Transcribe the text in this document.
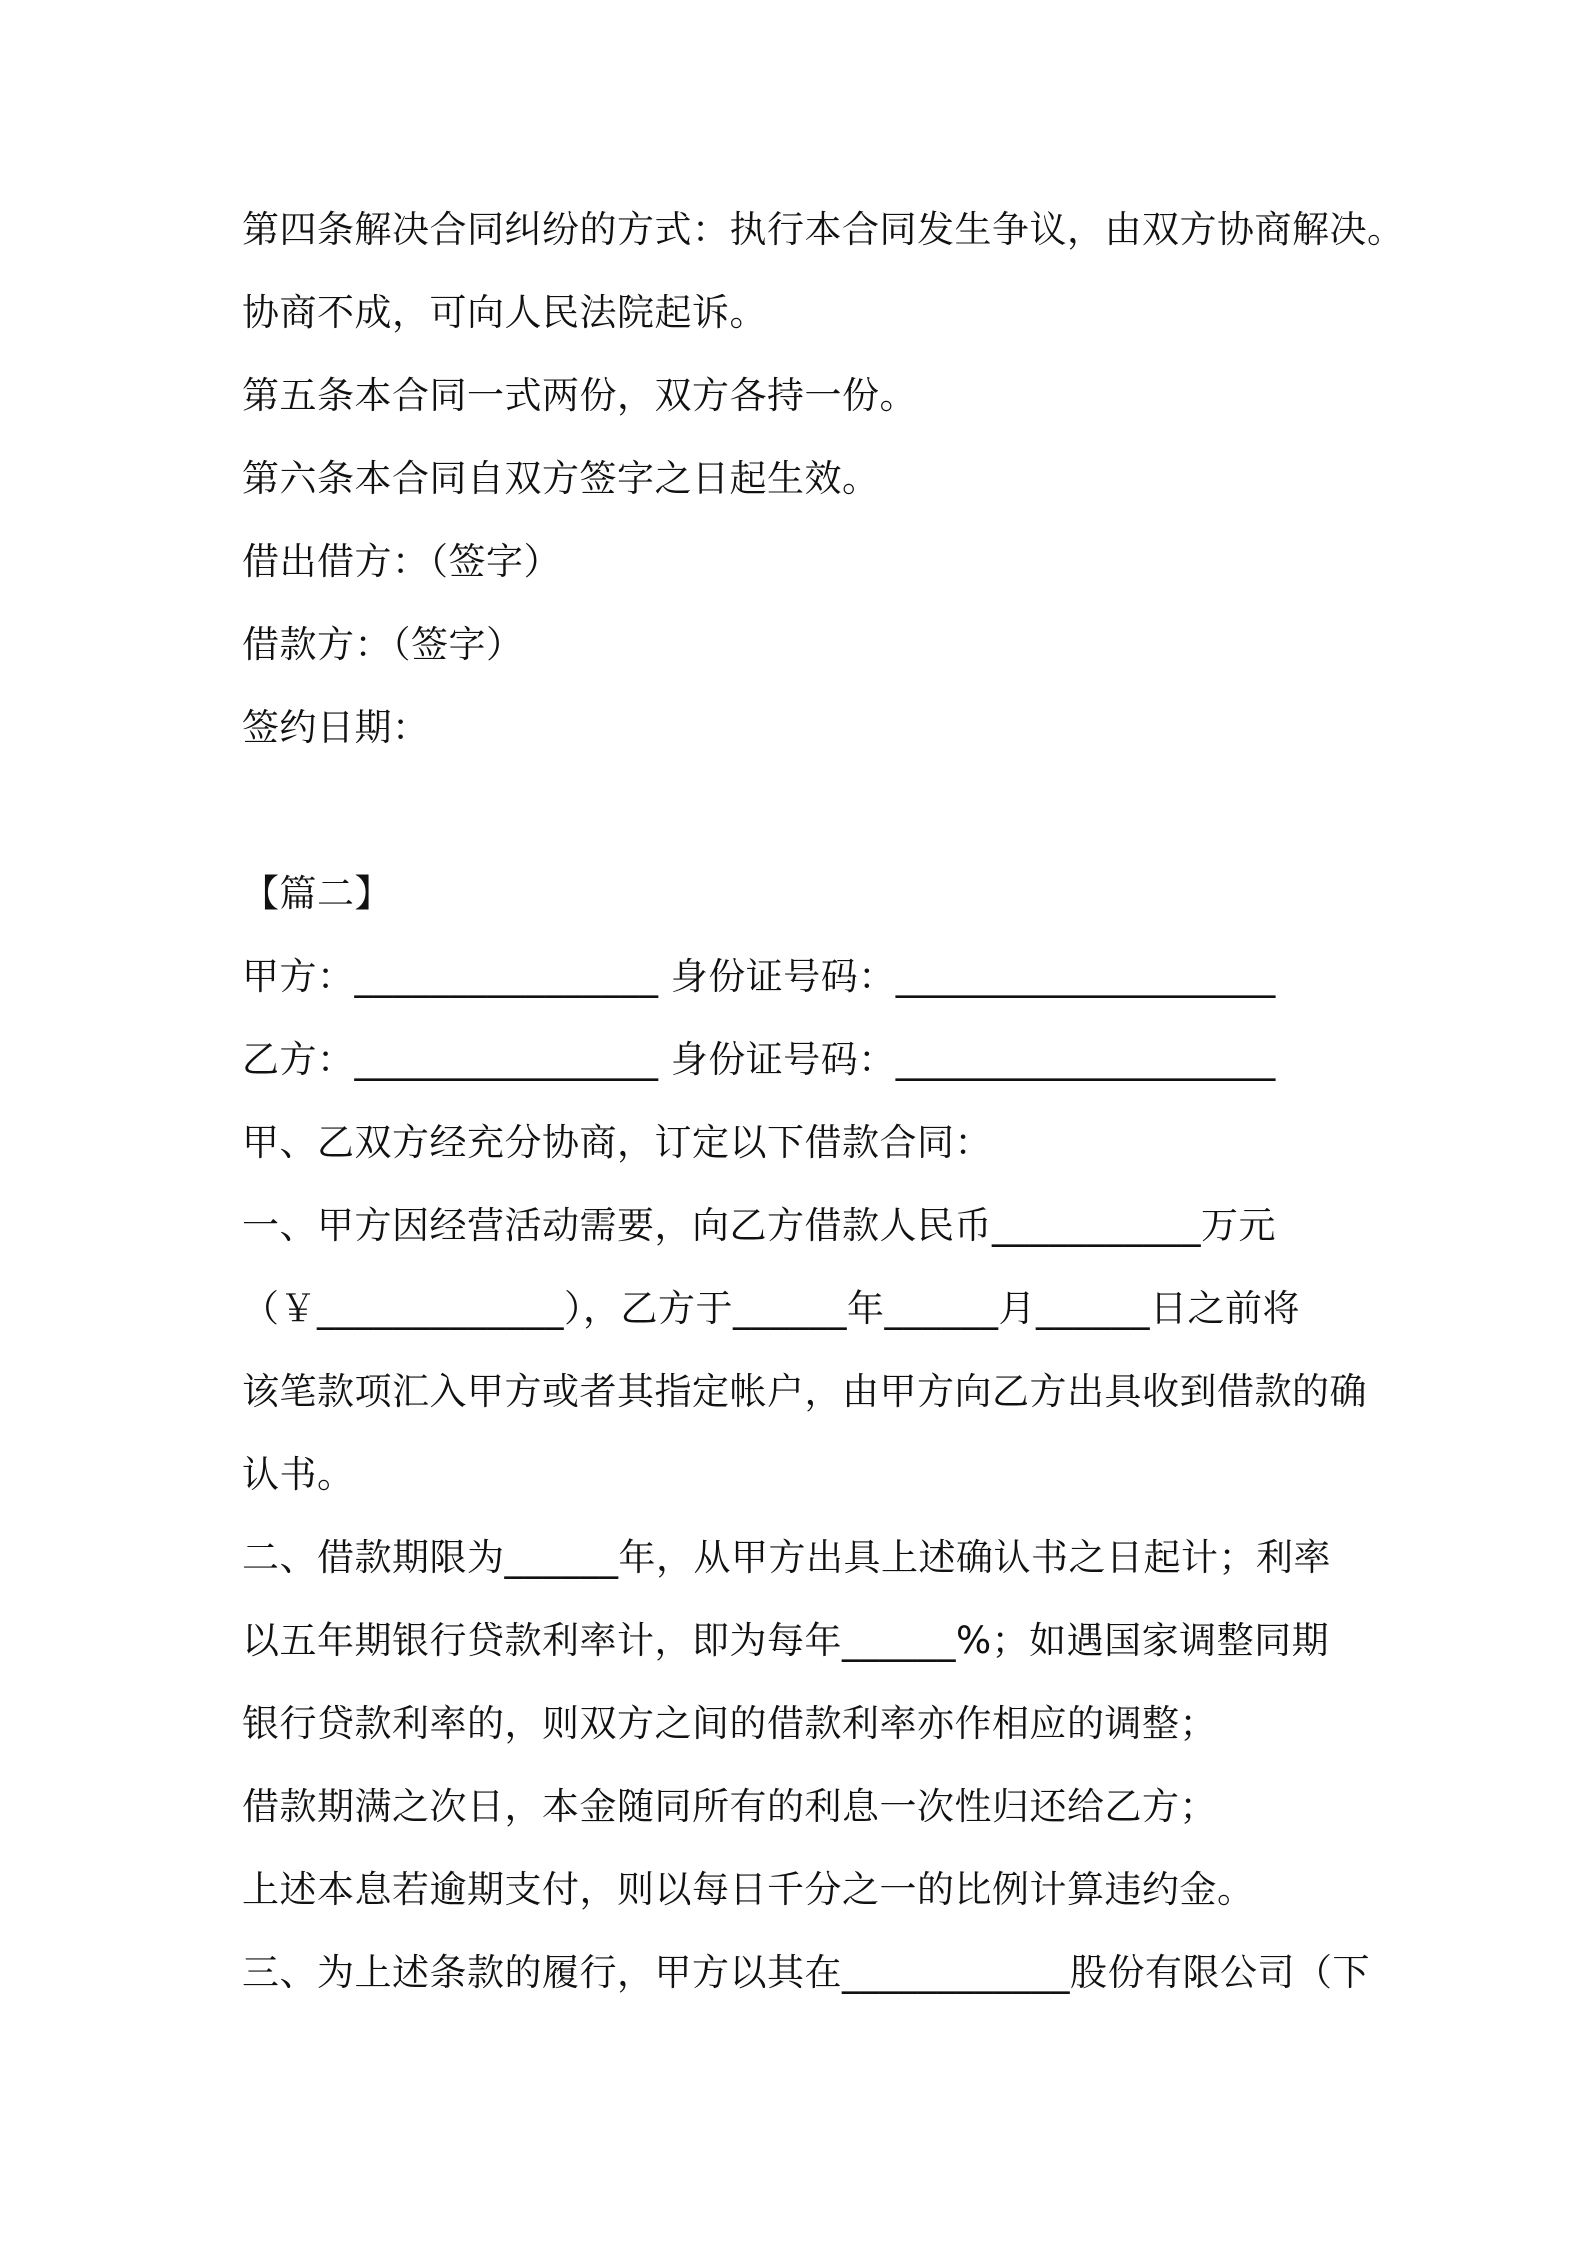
第四条解决合同纠纷的方式：执行本合同发生争议，由双方协商解决。
协商不成，可向人民法院起诉。
第五条本合同一式两份，双方各持一份。
第六条本合同自双方签字之日起生效。
借出借方：（签字）
借款方：（签字）
签约日期：
【篇二】
甲方：________________ 身份证号码：____________________
乙方：________________ 身份证号码：____________________
甲、乙双方经充分协商，订定以下借款合同：
一、甲方因经营活动需要，向乙方借款人民币___________万元
（￥_____________），乙方于______年______月______日之前将
该笔款项汇入甲方或者其指定帐户，由甲方向乙方出具收到借款的确
认书。
二、借款期限为______年，从甲方出具上述确认书之日起计；利率
以五年期银行贷款利率计，即为每年______%；如遇国家调整同期
银行贷款利率的，则双方之间的借款利率亦作相应的调整；
借款期满之次日，本金随同所有的利息一次性归还给乙方；
上述本息若逾期支付，则以每日千分之一的比例计算违约金。
三、为上述条款的履行，甲方以其在____________股份有限公司（下
